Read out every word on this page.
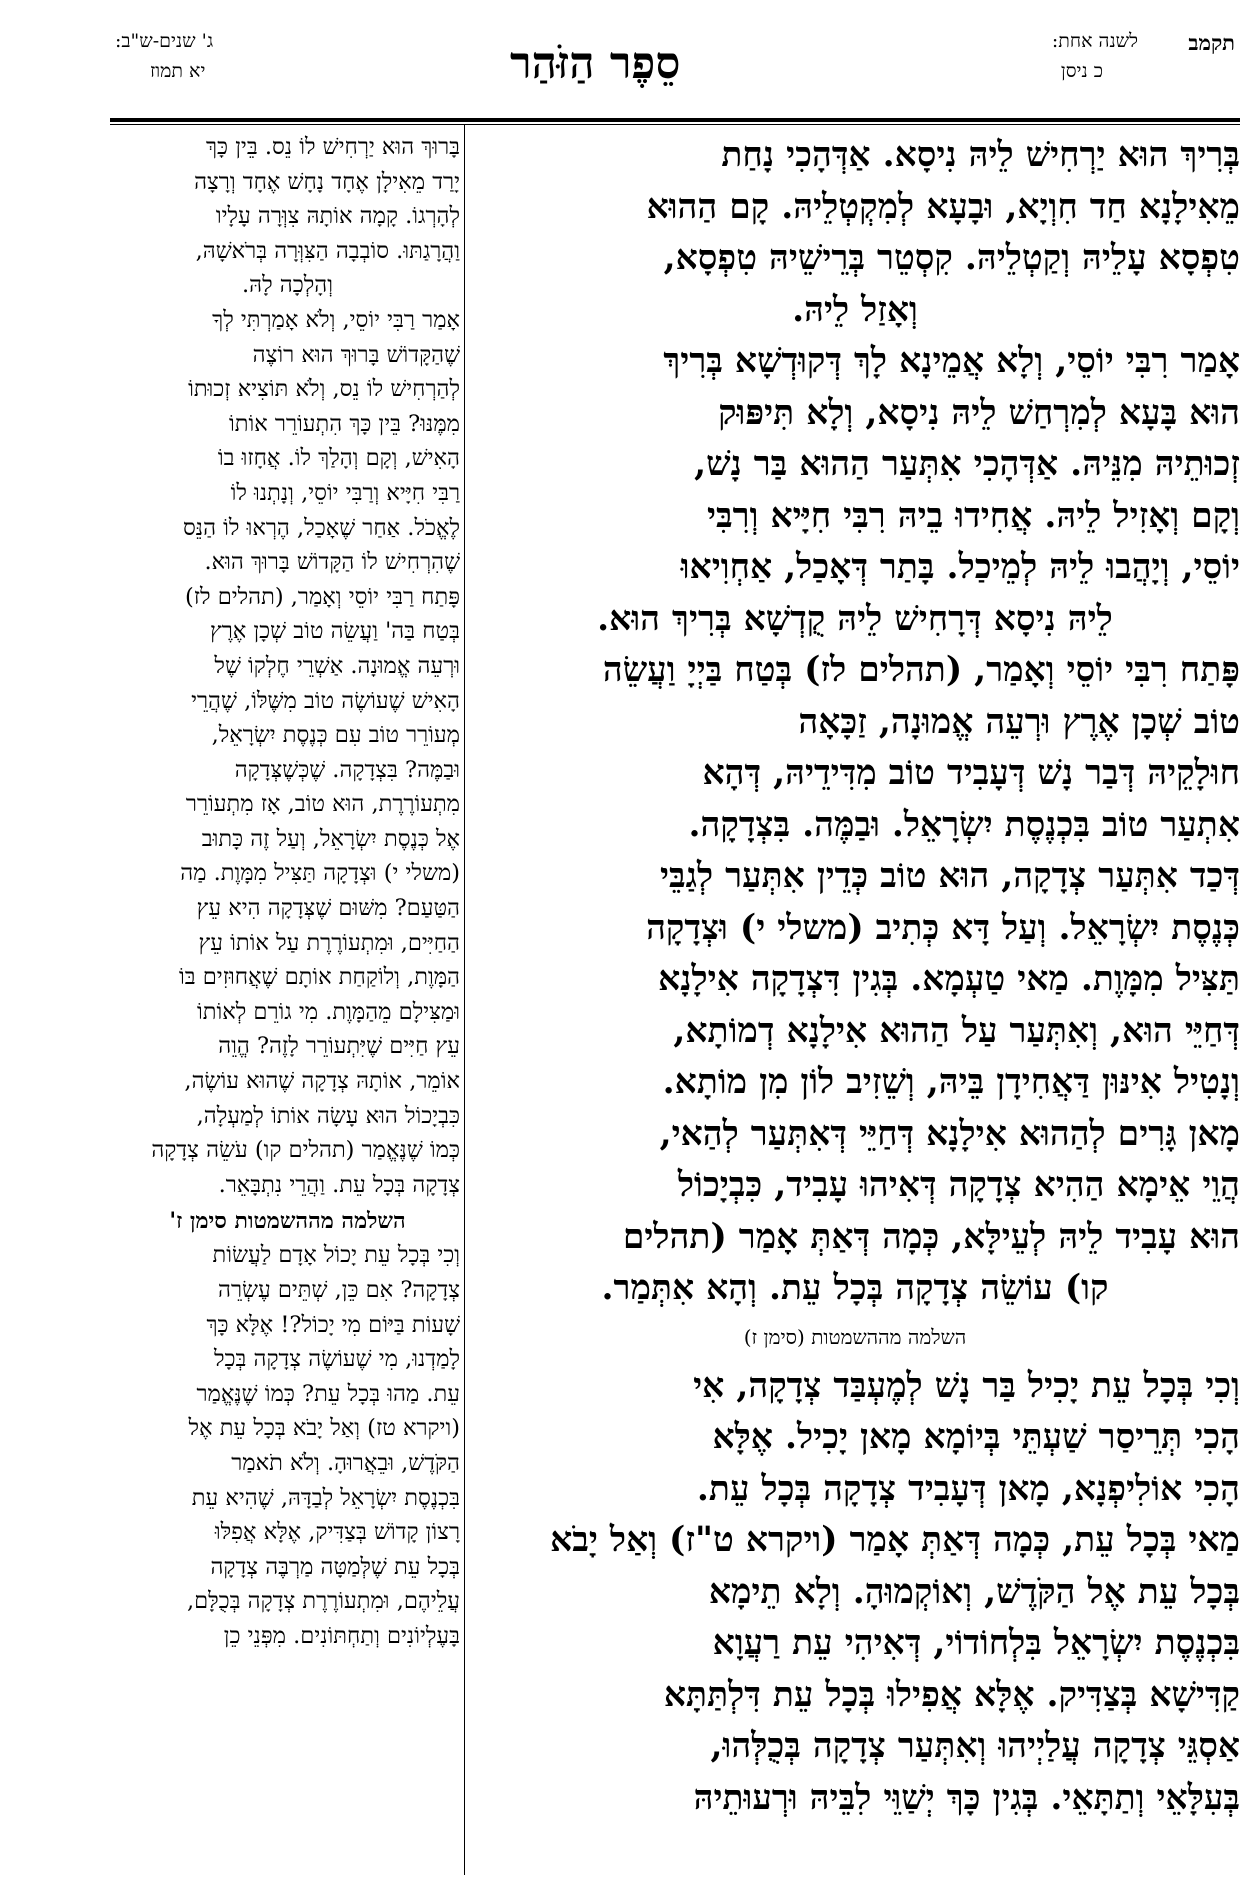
תקמב
לשנה אחת:
כ ניסן
סֵפֶר הַזֹּהַר
ג' שנים-ש"ב:
יא תמוז

בְּרִיךְ הוּא יַרְחִישׁ לֵיהּ נִיסָא. אַדְּהָכִי נָחַת

מֵאִילָנָא חַד חִוְיָא, וּבָעָא לְמִקְטְלֵיהּ. קָם הַהוּא

טִפְסָא עָלֵיהּ וְקַטְלֵיהּ. קִסְטֵר בְּרֵישֵׁיהּ טִפְסָא,

וְאָזַל לֵיהּ.

אָמַר רִבִּי יוֹסֵי, וְלָא אֲמֵינָא לָךְ דְּקוּדְשָׁא בְּרִיךְ

הוּא בָּעָא לְמִרְחַשׁ לֵיהּ נִיסָא, וְלָא תִּיפּוּק

זְכוּתֵיהּ מִנֵּיהּ. אַדְּהָכִי אִתְּעַר הַהוּא בַּר נָשׁ,

וְקָם וְאָזִיל לֵיהּ. אֲחִידוּ בֵיהּ רִבִּי חִיָּיא וְרִבִּי

יוֹסֵי, וְיָהֲבוּ לֵיהּ לְמֵיכַל. בָּתַר דְּאָכַל, אַחְוִיאוּ

לֵיהּ נִיסָא דְּרָחִישׁ לֵיהּ קֻדְשָׁא בְּרִיךְ הוּא.

פָּתַח רִבִּי יוֹסֵי וְאָמַר, (תהלים לז) בְּטַח בַּיְיָ וַעֲשֵׂה

טוֹב שְׁכָן אֶרֶץ וּרְעֵה אֱמוּנָה, זַכָּאָה

חוּלָקֵיהּ דְּבַר נָשׁ דְּעָבִיד טוֹב מִדִּידֵיהּ, דְּהָא

אִתְעַר טוֹב בִּכְנֶסֶת יִשְׂרָאֵל. וּבַמֶּה. בִּצְדָקָה.

דְּכַד אִתְּעַר צְדָקָה, הוּא טוֹב כְּדֵין אִתְּעַר לְגַבֵּי

כְּנֶסֶת יִשְׂרָאֵל. וְעַל דָּא כְּתִיב (משלי י) וּצְדָקָה

תַּצִּיל מִמָּוֶת. מַאי טַעְמָא. בְּגִין דִּצְדָקָה אִילָנָא

דְּחַיֵּי הוּא, וְאִתְּעַר עַל הַהוּא אִילָנָא דְמוֹתָא,

וְנָטִיל אִינּוּן דַּאֲחִידָן בֵּיהּ, וְשֵׁזִיב לוֹן מִן מוֹתָא.

מָאן גָּרִים לְהַהוּא אִילָנָא דְּחַיֵּי דְּאִתְּעַר לְהַאי,

הֲוֵי אֵימָא הַהִיא צְדָקָה דְּאִיהוּ עָבִיד, כִּבְיָכוֹל

הוּא עָבִיד לֵיהּ לְעֵילָּא, כְּמָה דְּאַתְּ אָמַר (תהלים

קו) עוֹשֵׂה צְדָקָה בְּכָל עֵת. וְהָא אִתְּמַר.

השלמה מההשמטות (סימן ז)

וְכִי בְּכָל עֵת יָכִיל בַּר נָשׁ לְמֶעְבַּד צְדָקָה, אִי

הָכִי תְּרֵיסַר שַׁעְתֵּי בְּיוֹמָא מָאן יָכִיל. אֶלָּא

הָכִי אוֹלִיפְנָא, מָאן דְּעָבִיד צְדָקָה בְּכָל עֵת.

מַאי בְּכָל עֵת, כְּמָה דְּאַתְּ אָמַר (ויקרא ט"ז) וְאַל יָבֹא

בְּכָל עֵת אֶל הַקֹּדֶשׁ, וְאוֹקְמוּהָ. וְלָא תֵימָא

בִּכְנֶסֶת יִשְׂרָאֵל בִּלְחוֹדוֹי, דְּאִיהִי עֵת רַעֲוָא

קַדִּישָׁא בְּצַדִּיק. אֶלָּא אֲפִילוּ בְּכָל עֵת דִּלְתַּתָּא

אַסְגֵּי צְדָקָה עֲלַיְיהוּ וְאִתְּעַר צְדָקָה בְּכֻלְּהוּ,

בְּעִלָּאֵי וְתַתָּאֵי. בְּגִין כָּךְ יְשַׁוֵּי לִבֵּיהּ וּרְעוּתֵיהּ

בָּרוּךְ הוּא יַרְחִישׁ לוֹ נֵס. בֵּין כָּךְ

יָרַד מֵאִילָן אֶחָד נָחָשׁ אֶחָד וְרָצָה

לְהָרְגוֹ. קָמָה אוֹתָהּ צִוְּרָה עָלָיו

וַהֲרָגַתּוּ. סוֹבְבָה הַצִּוְּרָה בְּרֹאשָׁהּ,

וְהָלְכָה לָהּ.

אָמַר רַבִּי יוֹסֵי, וְלֹא אָמַרְתִּי לְךָ

שֶׁהַקָּדוֹשׁ בָּרוּךְ הוּא רוֹצֶה

לְהַרְחִישׁ לוֹ נֵס, וְלֹא תּוֹצִיא זְכוּתוֹ

מִמֶּנּוּ? בֵּין כָּךְ הִתְעוֹרֵר אוֹתוֹ

הָאִישׁ, וְקָם וְהָלַךְ לוֹ. אֲחָזוּ בוֹ

רַבִּי חִיָּיא וְרַבִּי יוֹסֵי, וְנָתְנוּ לוֹ

לֶאֱכֹל. אַחַר שֶׁאָכַל, הֶרְאוּ לוֹ הַנֵּס

שֶׁהִרְחִישׁ לוֹ הַקָּדוֹשׁ בָּרוּךְ הוּא.

פָּתַח רַבִּי יוֹסֵי וְאָמַר, (תהלים לז)

בְּטַח בַּה' וַעֲשֵׂה טוֹב שְׁכָן אֶרֶץ

וּרְעֵה אֱמוּנָה. אַשְׁרֵי חֶלְקוֹ שֶׁל

הָאִישׁ שֶׁעוֹשֶׂה טוֹב מִשֶּׁלּוֹ, שֶׁהֲרֵי

מְעוֹרֵר טוֹב עִם כְּנֶסֶת יִשְׂרָאֵל,

וּבַמֶּה? בִּצְדָקָה. שֶׁכְּשֶׁצְּדָקָה

מִתְעוֹרֶרֶת, הוּא טוֹב, אָז מִתְעוֹרֵר

אֶל כְּנֶסֶת יִשְׂרָאֵל, וְעַל זֶה כָּתוּב

(משלי י) וּצְדָקָה תַּצִּיל מִמָּוֶת. מַה

הַטַּעַם? מִשּׁוּם שֶׁצְּדָקָה הִיא עֵץ

הַחַיִּים, וּמִתְעוֹרֶרֶת עַל אוֹתוֹ עֵץ

הַמָּוֶת, וְלוֹקַחַת אוֹתָם שֶׁאֲחוּזִים בּוֹ

וּמַצִּילָם מֵהַמָּוֶת. מִי גוֹרֵם לְאוֹתוֹ

עֵץ חַיִּים שֶׁיִּתְעוֹרֵר לָזֶה? הֱוֵה

אוֹמֵר, אוֹתָהּ צְדָקָה שֶׁהוּא עוֹשֶׂה,

כִּבְיָכוֹל הוּא עָשָׂה אוֹתוֹ לְמַעְלָה,

כְּמוֹ שֶׁנֶּאֱמַר (תהלים קו) עֹשֵׂה צְדָקָה

צְדָקָה בְּכָל עֵת. וַהֲרֵי נִתְבָּאֵר.

השלמה מההשמטות סימן ז'

וְכִי בְּכָל עֵת יָכוֹל אָדָם לַעֲשׂוֹת

צְדָקָה? אִם כֵּן, שְׁתֵּים עֶשְׂרֵה

שָׁעוֹת בַּיּוֹם מִי יָכוֹל?! אֶלָּא כָּךְ

לָמַדְנוּ, מִי שֶׁעוֹשֶׂה צְדָקָה בְּכָל

עֵת. מַהוּ בְּכָל עֵת? כְּמוֹ שֶׁנֶּאֱמַר

(ויקרא טז) וְאַל יָבֹא בְּכָל עֵת אֶל

הַקֹּדֶשׁ, וּבֵאֲרוּהָ. וְלֹא תֹאמַר

בִּכְנֶסֶת יִשְׂרָאֵל לְבַדָּהּ, שֶׁהִיא עֵת

רָצוֹן קָדוֹשׁ בְּצַדִּיק, אֶלָּא אֲפִלּוּ

בְּכָל עֵת שֶׁלְּמַטָּה מַרְבֶּה צְדָקָה

עֲלֵיהֶם, וּמִתְעוֹרֶרֶת צְדָקָה בְּכֻלָּם,

בָּעֶלְיוֹנִים וְתַחְתּוֹנִים. מִפְּנֵי כֵן
